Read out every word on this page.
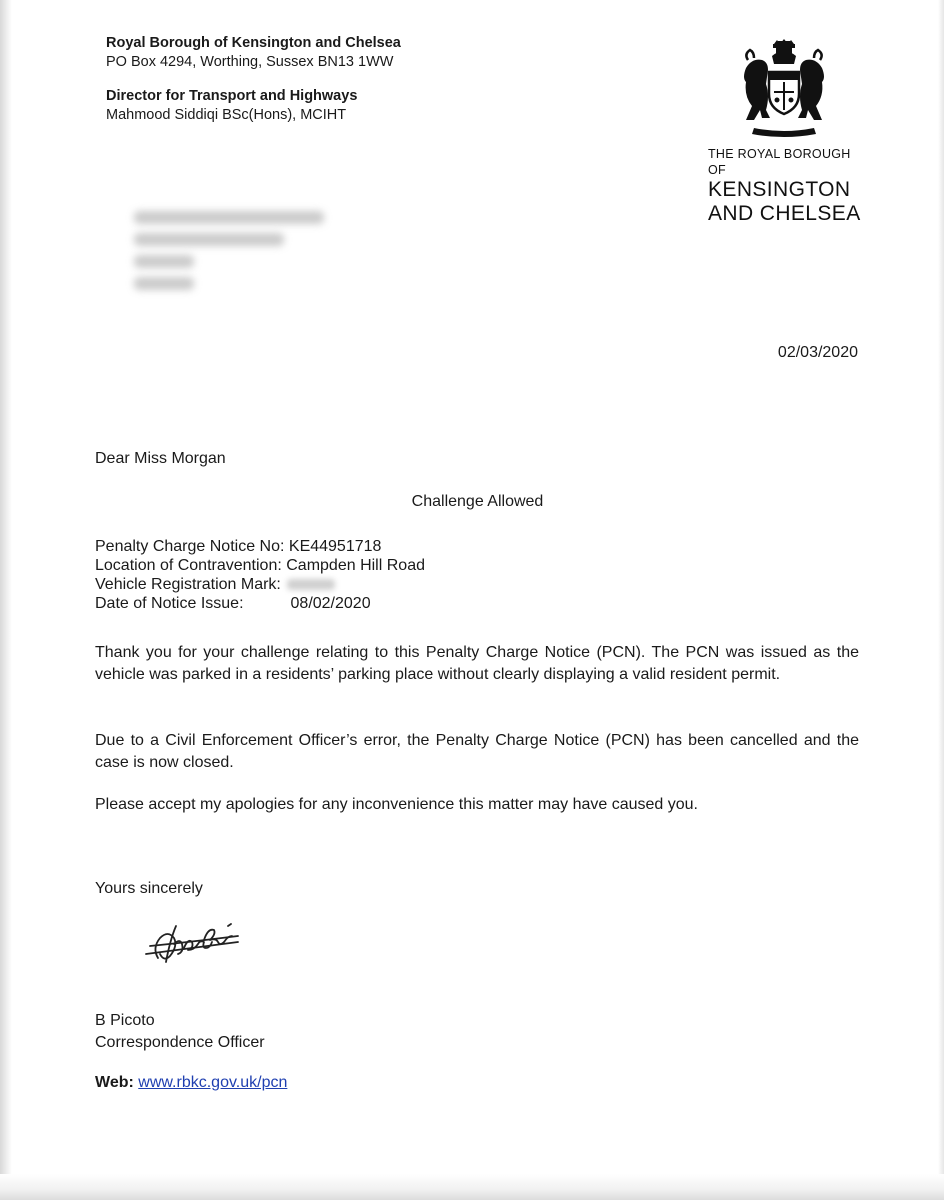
Royal Borough of Kensington and Chelsea
PO Box 4294, Worthing, Sussex BN13 1WW
Director for Transport and Highways
Mahmood Siddiqi BSc(Hons), MCIHT
THE ROYAL BOROUGH OF
KENSINGTON
AND CHELSEA
02/03/2020
Dear Miss Morgan
Challenge Allowed
Penalty Charge Notice No:
KE44951718
Location of Contravention:
Campden Hill Road
Vehicle Registration Mark:
Date of Notice Issue:	08/02/2020
Thank you for your challenge relating to this Penalty Charge Notice (PCN). The PCN was issued as the vehicle was parked in a residents’ parking place without clearly displaying a valid resident permit.
Due to a Civil Enforcement Officer’s error, the Penalty Charge Notice (PCN) has been cancelled and the case is now closed.
Please accept my apologies for any inconvenience this matter may have caused you.
Yours sincerely
B Picoto
Correspondence Officer
Web: www.rbkc.gov.uk/pcn
